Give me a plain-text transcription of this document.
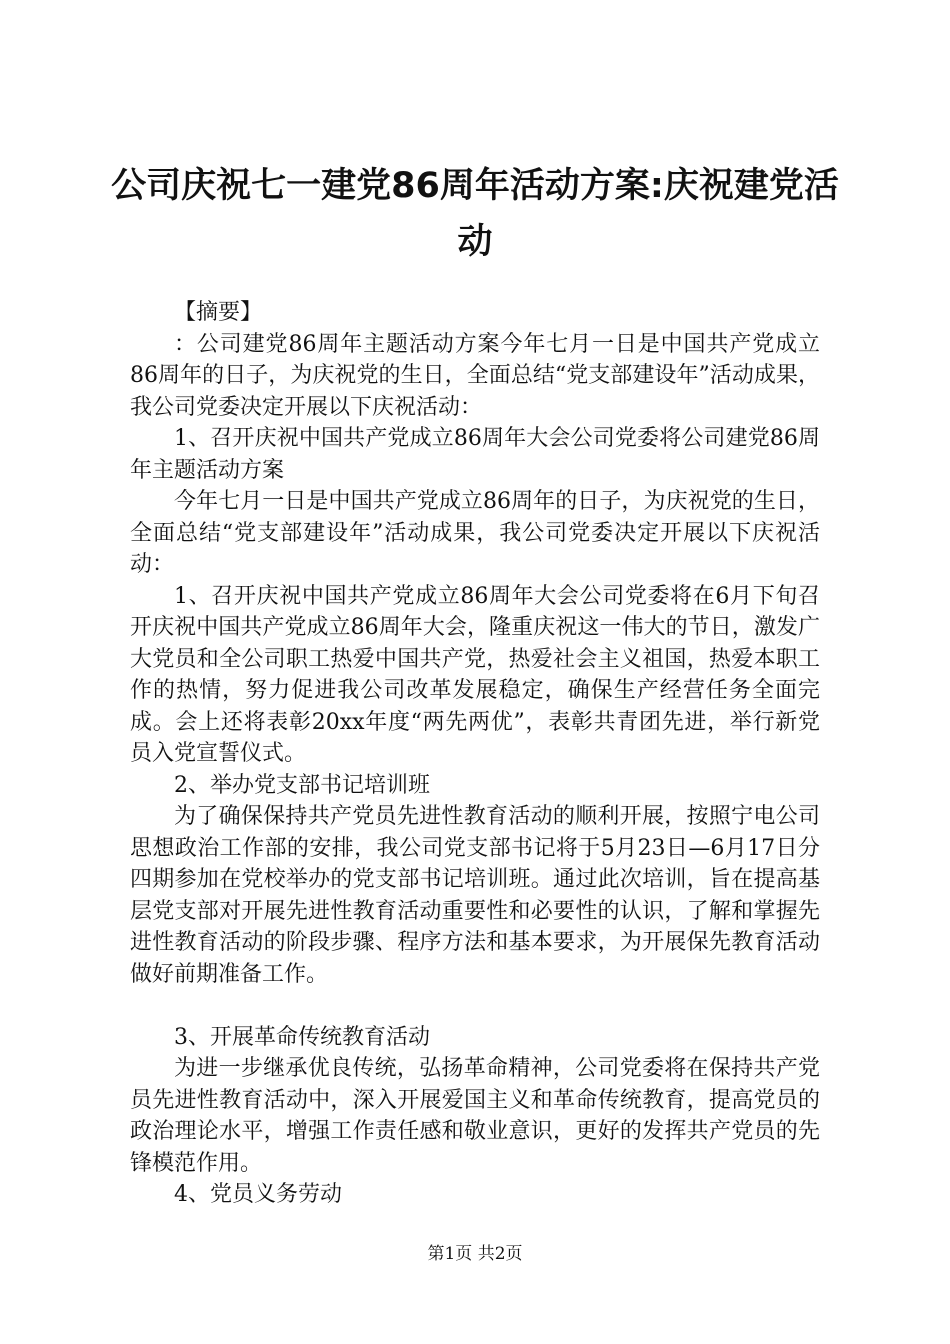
公司庆祝七一建党86周年活动方案:庆祝建党活动

【摘要】

：公司建党86周年主题活动方案今年七月一日是中国共产党成立86周年的日子，为庆祝党的生日，全面总结“党支部建设年”活动成果，我公司党委决定开展以下庆祝活动：

1、召开庆祝中国共产党成立86周年大会公司党委将公司建党86周年主题活动方案

今年七月一日是中国共产党成立86周年的日子，为庆祝党的生日，全面总结“党支部建设年”活动成果，我公司党委决定开展以下庆祝活动：

1、召开庆祝中国共产党成立86周年大会公司党委将在6月下旬召开庆祝中国共产党成立86周年大会，隆重庆祝这一伟大的节日，激发广大党员和全公司职工热爱中国共产党，热爱社会主义祖国，热爱本职工作的热情，努力促进我公司改革发展稳定，确保生产经营任务全面完成。会上还将表彰20xx年度“两先两优”，表彰共青团先进，举行新党员入党宣誓仪式。

2、举办党支部书记培训班

为了确保保持共产党员先进性教育活动的顺利开展，按照宁电公司思想政治工作部的安排，我公司党支部书记将于5月23日—6月17日分四期参加在党校举办的党支部书记培训班。通过此次培训，旨在提高基层党支部对开展先进性教育活动重要性和必要性的认识，了解和掌握先进性教育活动的阶段步骤、程序方法和基本要求，为开展保先教育活动做好前期准备工作。

3、开展革命传统教育活动

为进一步继承优良传统，弘扬革命精神，公司党委将在保持共产党员先进性教育活动中，深入开展爱国主义和革命传统教育，提高党员的政治理论水平，增强工作责任感和敬业意识，更好的发挥共产党员的先锋模范作用。

4、党员义务劳动

第1页 共2页
